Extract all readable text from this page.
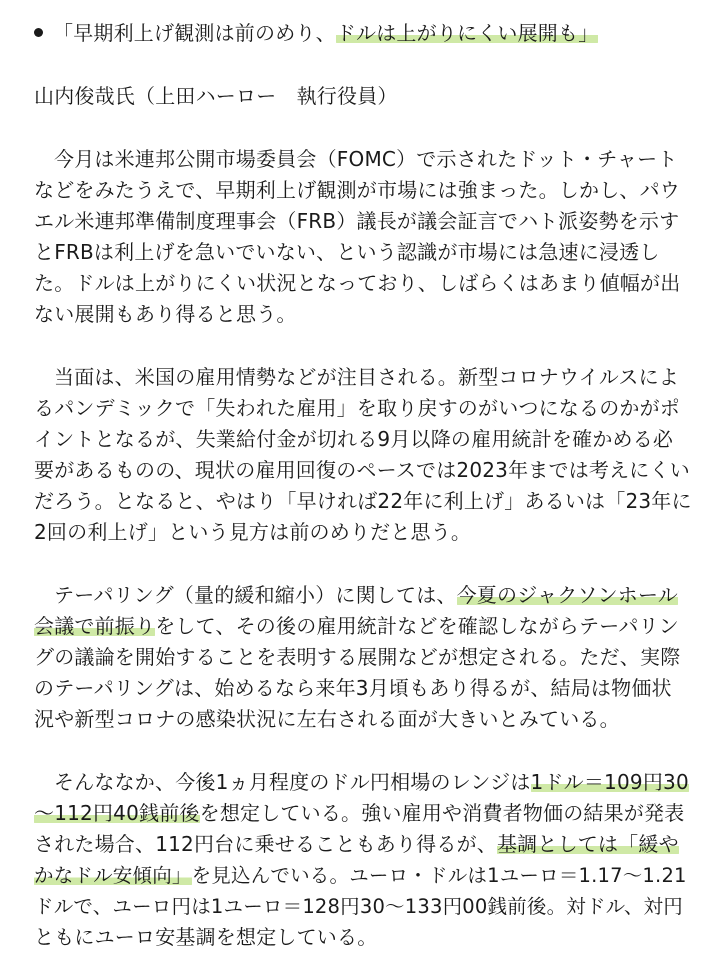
「早期利上げ観測は前のめり、ドルは上がりにくい展開も」
山内俊哉氏（上田ハーロー　執行役員）
今月は米連邦公開市場委員会（FOMC）で示されたドット・チャート
などをみたうえで、早期利上げ観測が市場には強まった。しかし、パウ
エル米連邦準備制度理事会（FRB）議長が議会証言でハト派姿勢を示す
とFRBは利上げを急いでいない、という認識が市場には急速に浸透し
た。ドルは上がりにくい状況となっており、しばらくはあまり値幅が出
ない展開もあり得ると思う。
当面は、米国の雇用情勢などが注目される。新型コロナウイルスによ
るパンデミックで「失われた雇用」を取り戻すのがいつになるのかがポ
イントとなるが、失業給付金が切れる9月以降の雇用統計を確かめる必
要があるものの、現状の雇用回復のペースでは2023年までは考えにくい
だろう。となると、やはり「早ければ22年に利上げ」あるいは「23年に
2回の利上げ」という見方は前のめりだと思う。
テーパリング（量的緩和縮小）に関しては、今夏のジャクソンホール
会議で前振りをして、その後の雇用統計などを確認しながらテーパリン
グの議論を開始することを表明する展開などが想定される。ただ、実際
のテーパリングは、始めるなら来年3月頃もあり得るが、結局は物価状
況や新型コロナの感染状況に左右される面が大きいとみている。
そんななか、今後1ヵ月程度のドル円相場のレンジは1ドル＝109円30
～112円40銭前後を想定している。強い雇用や消費者物価の結果が発表
された場合、112円台に乗せることもあり得るが、基調としては「緩や
かなドル安傾向」を見込んでいる。ユーロ・ドルは1ユーロ＝1.17～1.21
ドルで、ユーロ円は1ユーロ＝128円30～133円00銭前後。対ドル、対円
ともにユーロ安基調を想定している。
